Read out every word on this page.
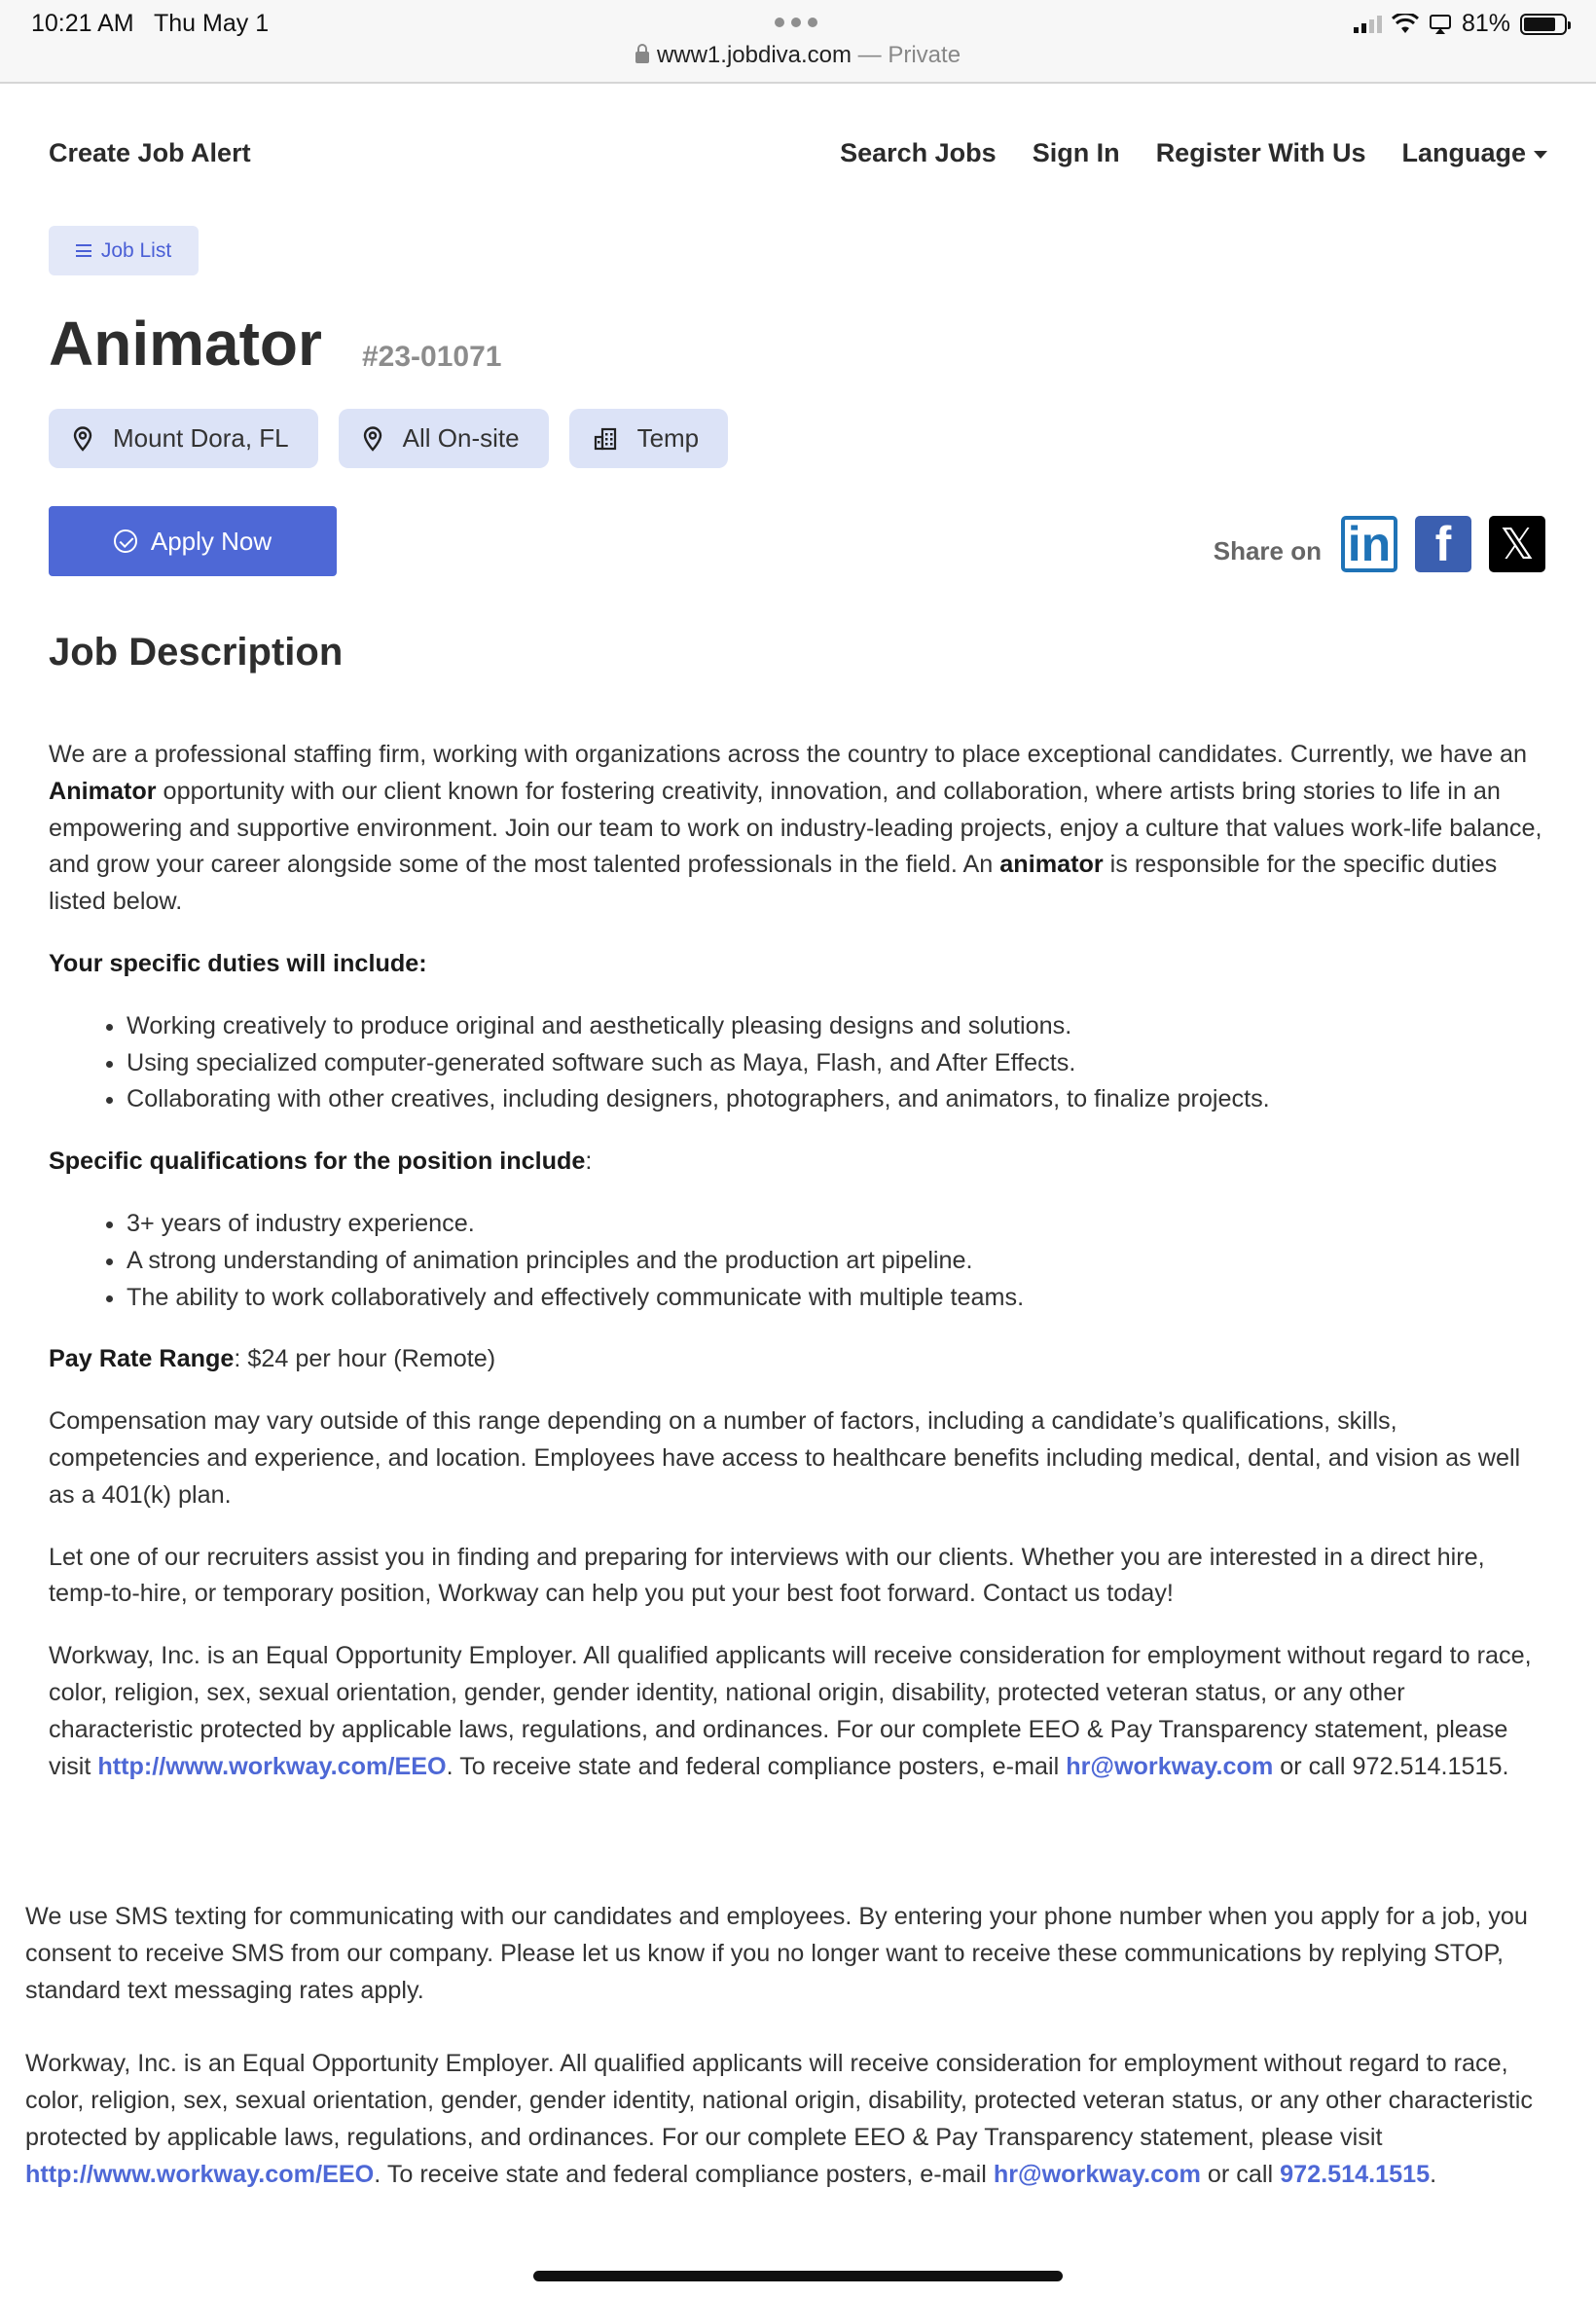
10:21 AM Thu May 1
www1.jobdiva.com — Private
81%
Create Job Alert	Search Jobs Sign In Register With Us Language
Job List
Animator #23-01071
Mount Dora, FL	All On-site	Temp
Apply Now	Share on in f	𝕏
Job Description

We are a professional staffing firm, working with organizations across the country to place exceptional candidates. Currently, we have an Animator opportunity with our client known for fostering creativity, innovation, and collaboration, where artists bring stories to life in an empowering and supportive environment. Join our team to work on industry-leading projects, enjoy a culture that values work-life balance, and grow your career alongside some of the most talented professionals in the field. An animator is responsible for the specific duties listed below.

Your specific duties will include:

• Working creatively to produce original and aesthetically pleasing designs and solutions.
• Using specialized computer-generated software such as Maya, Flash, and After Effects.
• Collaborating with other creatives, including designers, photographers, and animators, to finalize projects.

Specific qualifications for the position include:

• 3+ years of industry experience.
• A strong understanding of animation principles and the production art pipeline.
• The ability to work collaboratively and effectively communicate with multiple teams.

Pay Rate Range: $24 per hour (Remote)

Compensation may vary outside of this range depending on a number of factors, including a candidate’s qualifications, skills, competencies and experience, and location. Employees have access to healthcare benefits including medical, dental, and vision as well as a 401(k) plan.

Let one of our recruiters assist you in finding and preparing for interviews with our clients. Whether you are interested in a direct hire, temp-to-hire, or temporary position, Workway can help you put your best foot forward. Contact us today!

Workway, Inc. is an Equal Opportunity Employer. All qualified applicants will receive consideration for employment without regard to race, color, religion, sex, sexual orientation, gender, gender identity, national origin, disability, protected veteran status, or any other characteristic protected by applicable laws, regulations, and ordinances. For our complete EEO & Pay Transparency statement, please visit http://www.workway.com/EEO. To receive state and federal compliance posters, e-mail hr@workway.com or call 972.514.1515.

We use SMS texting for communicating with our candidates and employees. By entering your phone number when you apply for a job, you consent to receive SMS from our company. Please let us know if you no longer want to receive these communications by replying STOP, standard text messaging rates apply.

Workway, Inc. is an Equal Opportunity Employer. All qualified applicants will receive consideration for employment without regard to race, color, religion, sex, sexual orientation, gender, gender identity, national origin, disability, protected veteran status, or any other characteristic protected by applicable laws, regulations, and ordinances. For our complete EEO & Pay Transparency statement, please visit http://www.workway.com/EEO. To receive state and federal compliance posters, e-mail hr@workway.com or call 972.514.1515.
